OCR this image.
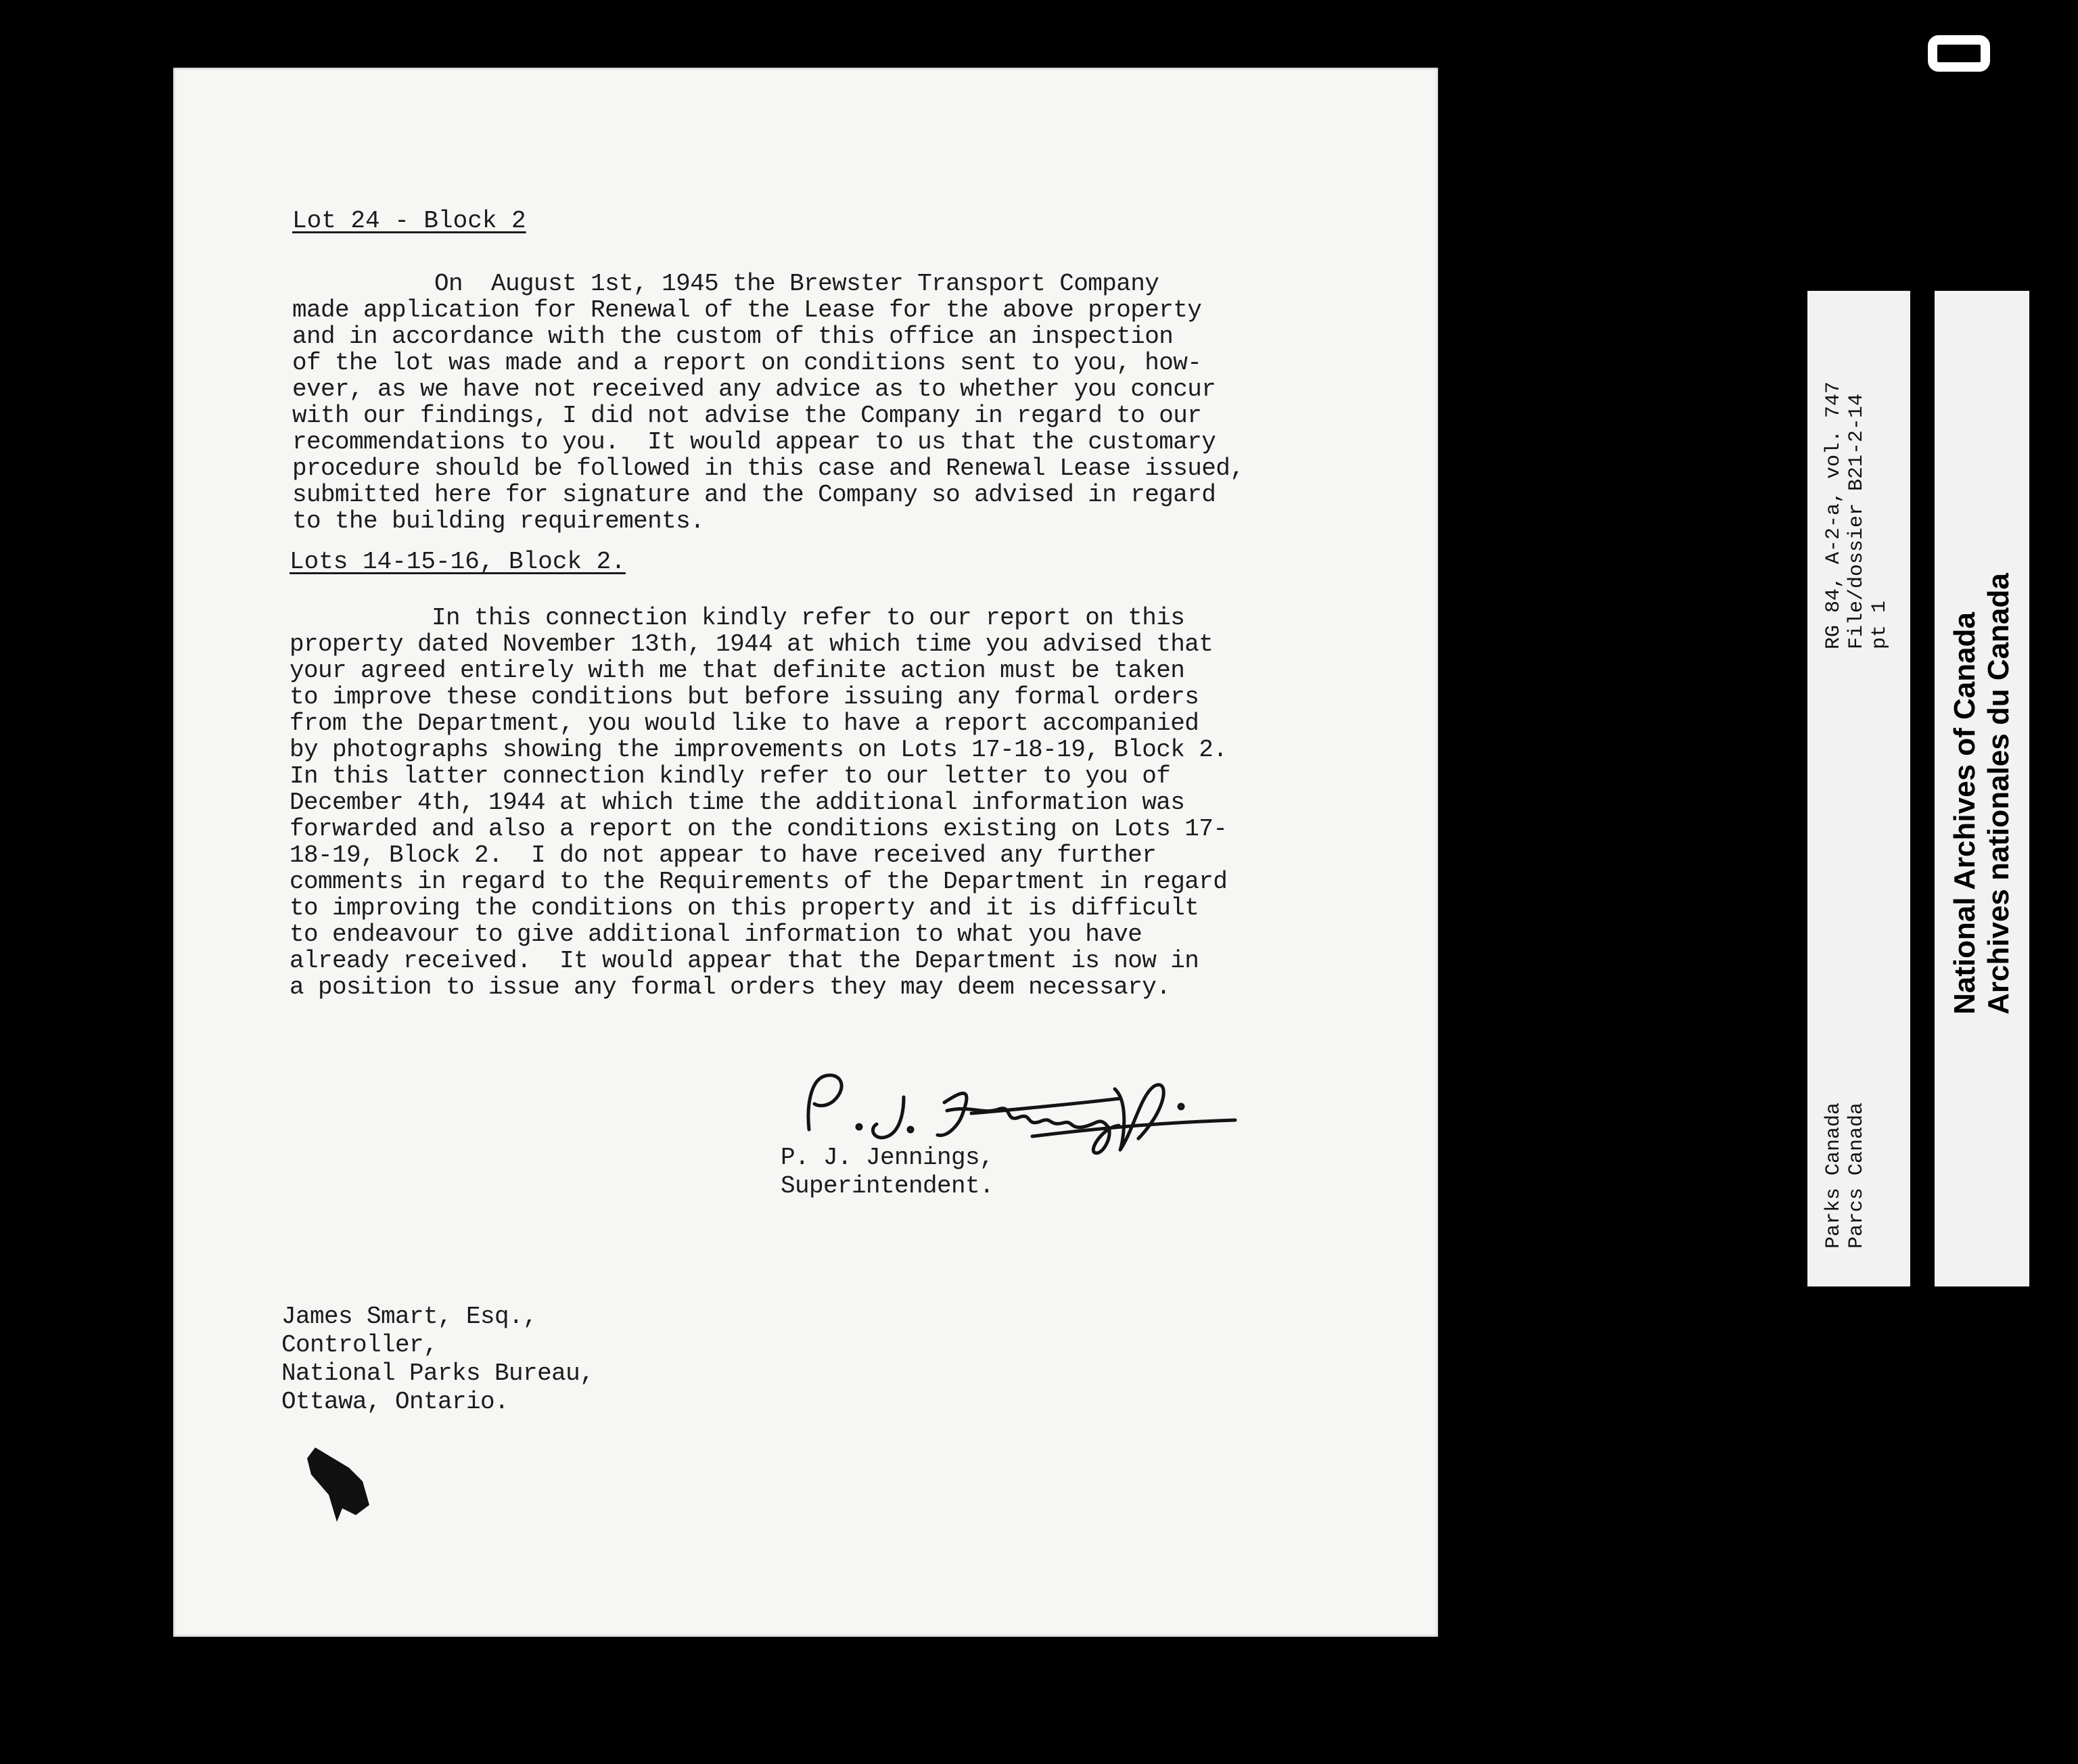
Lot 24 - Block 2

On  August 1st, 1945 the Brewster Transport Company
made application for Renewal of the Lease for the above property
and in accordance with the custom of this office an inspection
of the lot was made and a report on conditions sent to you, how-
ever, as we have not received any advice as to whether you concur
with our findings, I did not advise the Company in regard to our
recommendations to you.  It would appear to us that the customary
procedure should be followed in this case and Renewal Lease issued,
submitted here for signature and the Company so advised in regard
to the building requirements.

Lots 14-15-16, Block 2.

In this connection kindly refer to our report on this
property dated November 13th, 1944 at which time you advised that
your agreed entirely with me that definite action must be taken
to improve these conditions but before issuing any formal orders
from the Department, you would like to have a report accompanied
by photographs showing the improvements on Lots 17-18-19, Block 2.
In this latter connection kindly refer to our letter to you of
December 4th, 1944 at which time the additional information was
forwarded and also a report on the conditions existing on Lots 17-
18-19, Block 2.  I do not appear to have received any further
comments in regard to the Requirements of the Department in regard
to improving the conditions on this property and it is difficult
to endeavour to give additional information to what you have
already received.  It would appear that the Department is now in
a position to issue any formal orders they may deem necessary.

P. J. Jennings,

Superintendent.

James Smart, Esq.,
Controller,
National Parks Bureau,
Ottawa, Ontario.

RG 84, A-2-a, vol. 747
File/dossier B21-2-14
pt 1
Parks Canada
Parcs Canada
National Archives of Canada
Archives nationales du Canada
